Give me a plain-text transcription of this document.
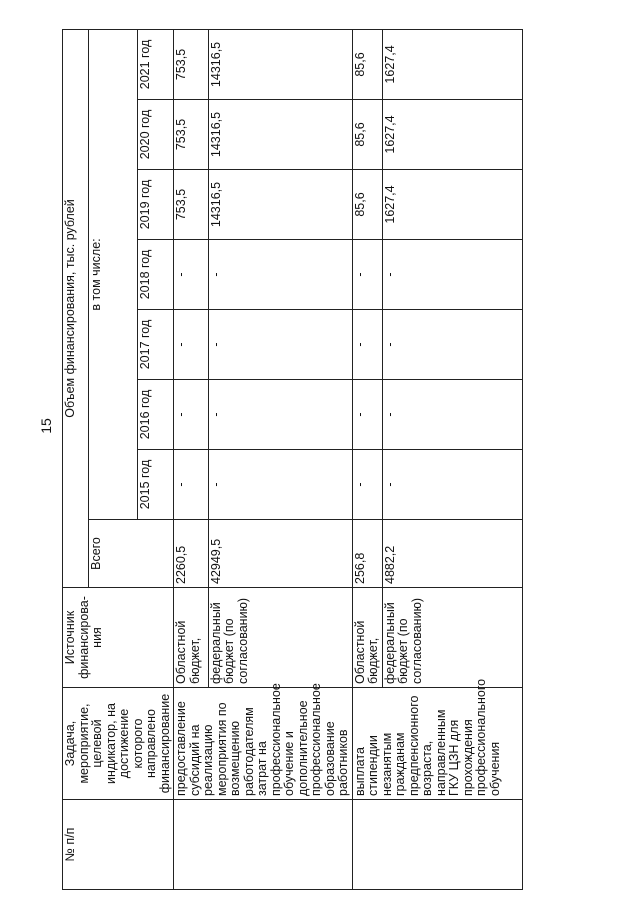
15
№ п/п	Задача, мероприятие, целевой индикатор, на достижение которого направлено финансирование	Источник финансирова-ния	Объем финансирования, тыс. рублей							
			Всего	в том числе:						
				2015 год	2016 год	2017 год	2018 год	2019 год	2020 год	2021 год
	предоставление субсидий на реализацию мероприятия по возмещению работодателям затрат на профессиональное обучение и дополнительное профессиональное образование работников	Областной бюджет,	2260,5	-	-	-	-	753,5	753,5	753,5
		федеральный бюджет (по согласованию)	42949,5	-	-	-	-	14316,5	14316,5	14316,5
	выплата стипендии незанятым гражданам предпенсионного возраста, направленным ГКУ ЦЗН для прохождения профессионального обучения	Областной бюджет,	256,8	-	-	-	-	85,6	85,6	85,6
		федеральный бюджет (по согласованию)	4882,2	-	-	-	-	1627,4	1627,4	1627,4
